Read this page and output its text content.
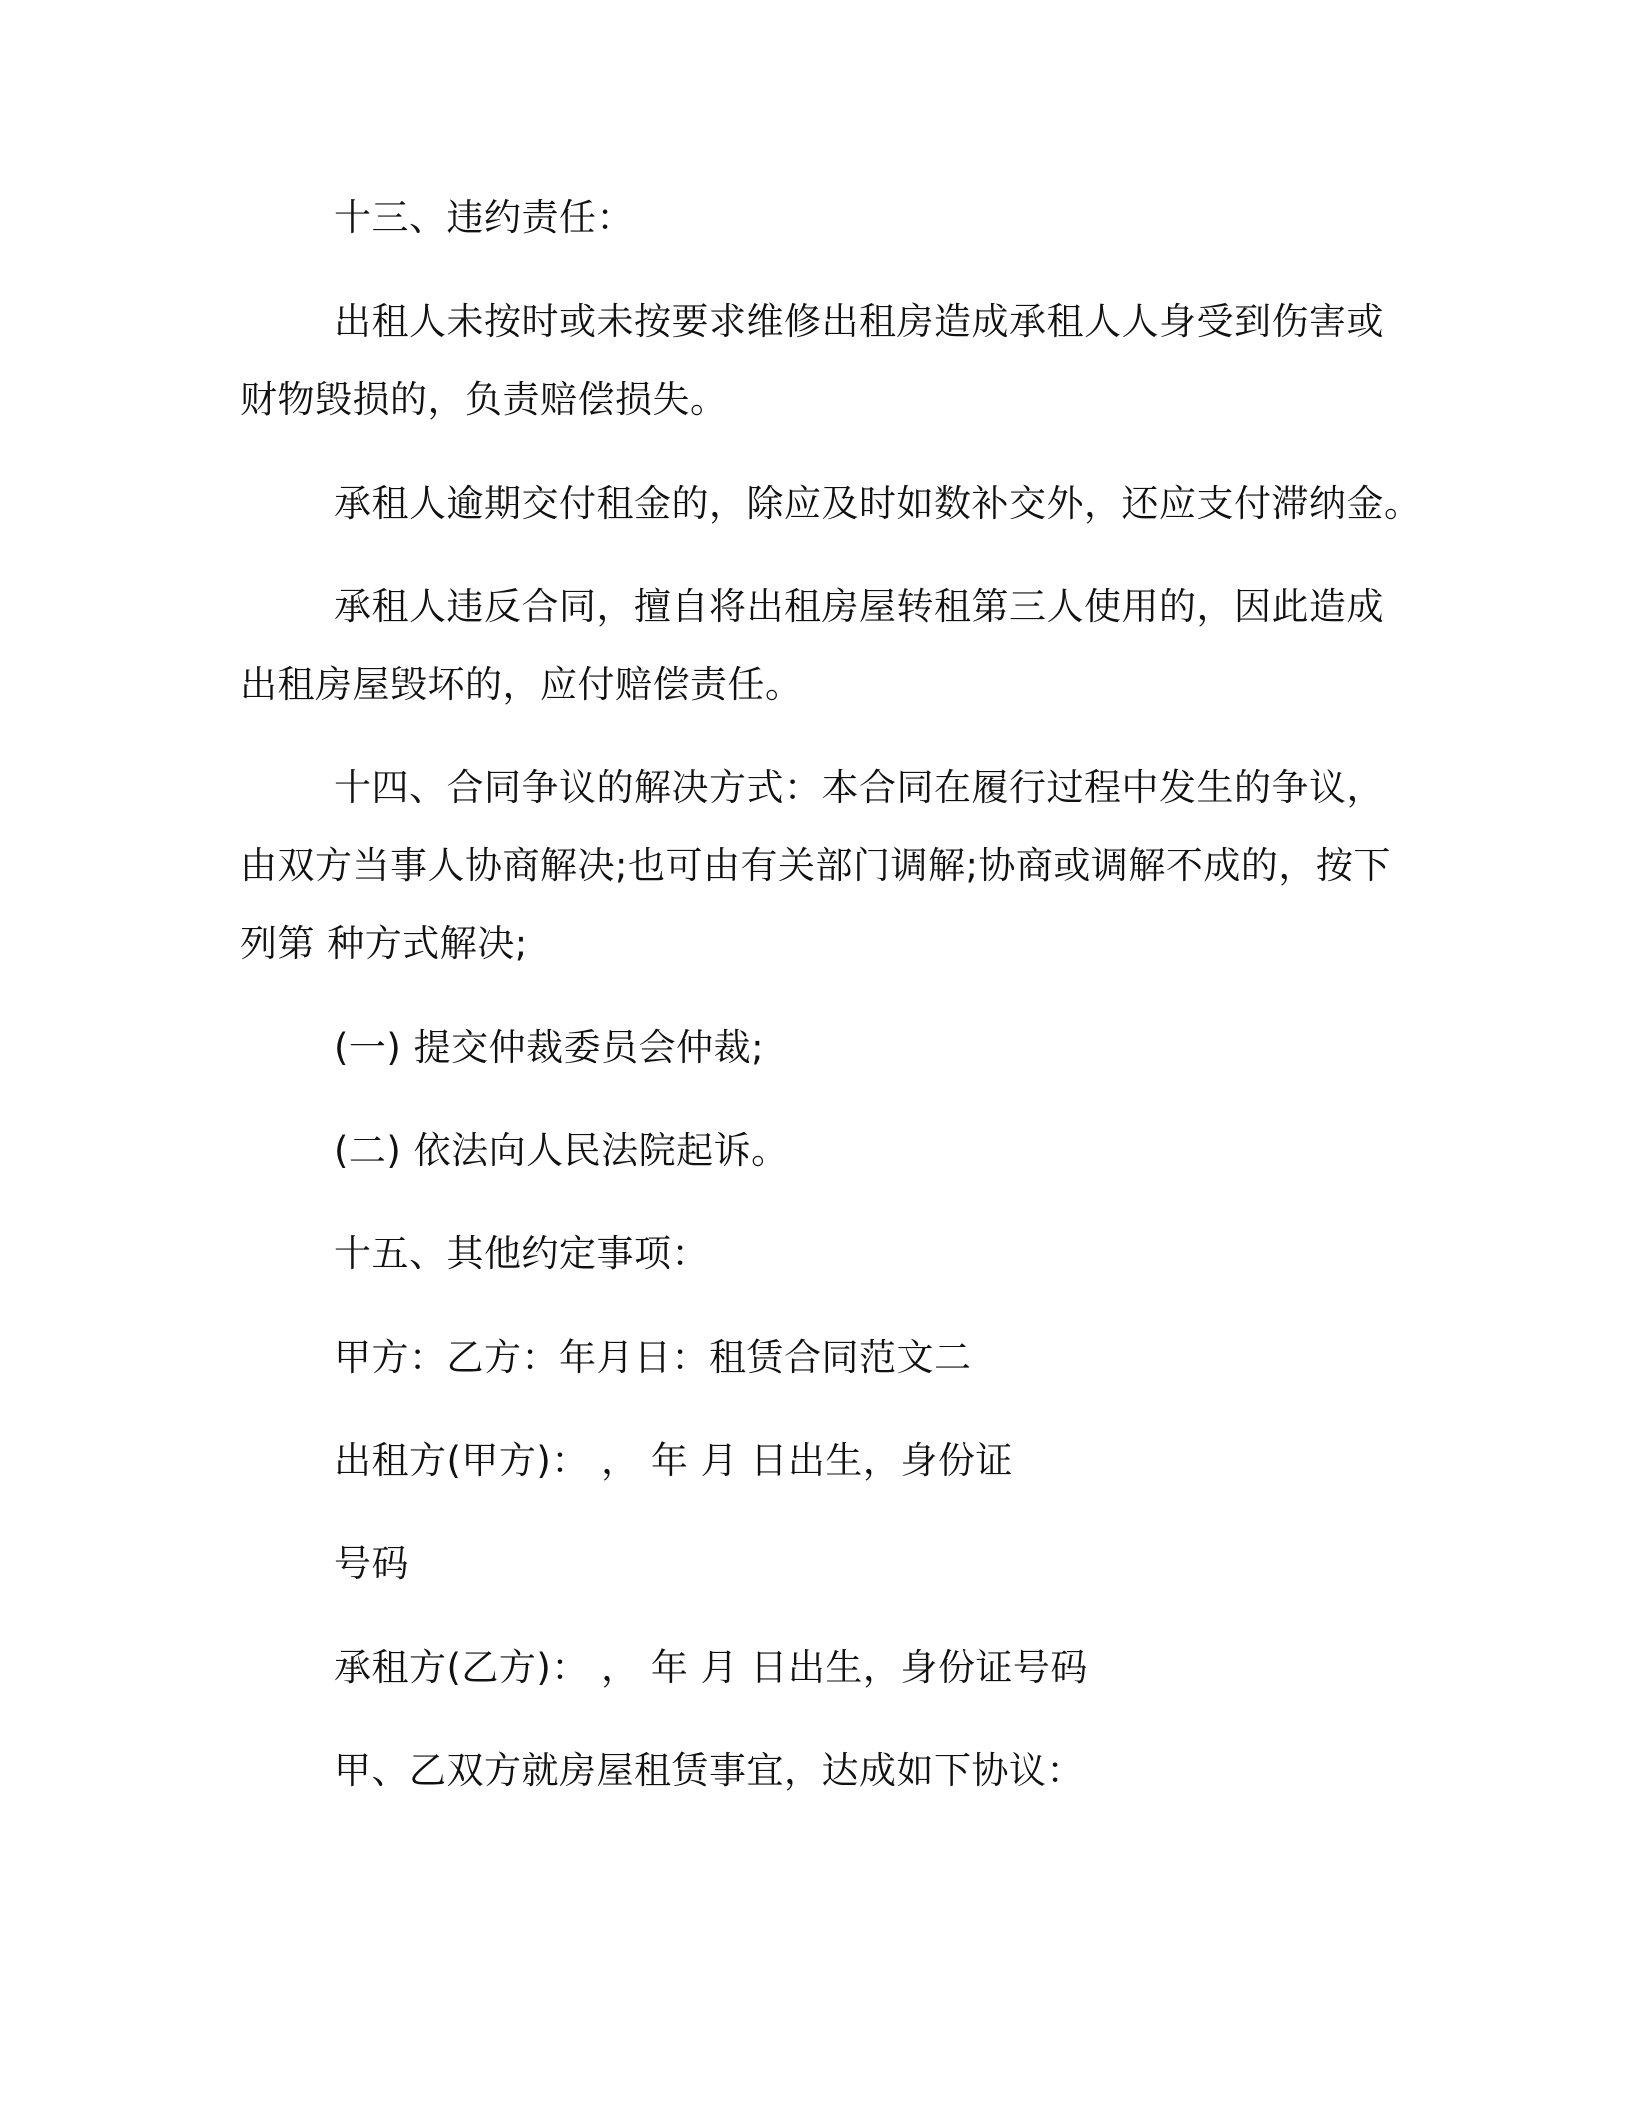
十三、违约责任：
出租人未按时或未按要求维修出租房造成承租人人身受到伤害或
财物毁损的，负责赔偿损失。
承租人逾期交付租金的，除应及时如数补交外，还应支付滞纳金。
承租人违反合同，擅自将出租房屋转租第三人使用的，因此造成
出租房屋毁坏的，应付赔偿责任。
十四、合同争议的解决方式：本合同在履行过程中发生的争议，
由双方当事人协商解决;也可由有关部门调解;协商或调解不成的，按下
列第 种方式解决;
(一) 提交仲裁委员会仲裁;
(二) 依法向人民法院起诉。
十五、其他约定事项：
甲方：乙方：年月日：租赁合同范文二
出租方(甲方)： ， 年 月 日出生，身份证
号码
承租方(乙方)： ， 年 月 日出生，身份证号码
甲、乙双方就房屋租赁事宜，达成如下协议：
